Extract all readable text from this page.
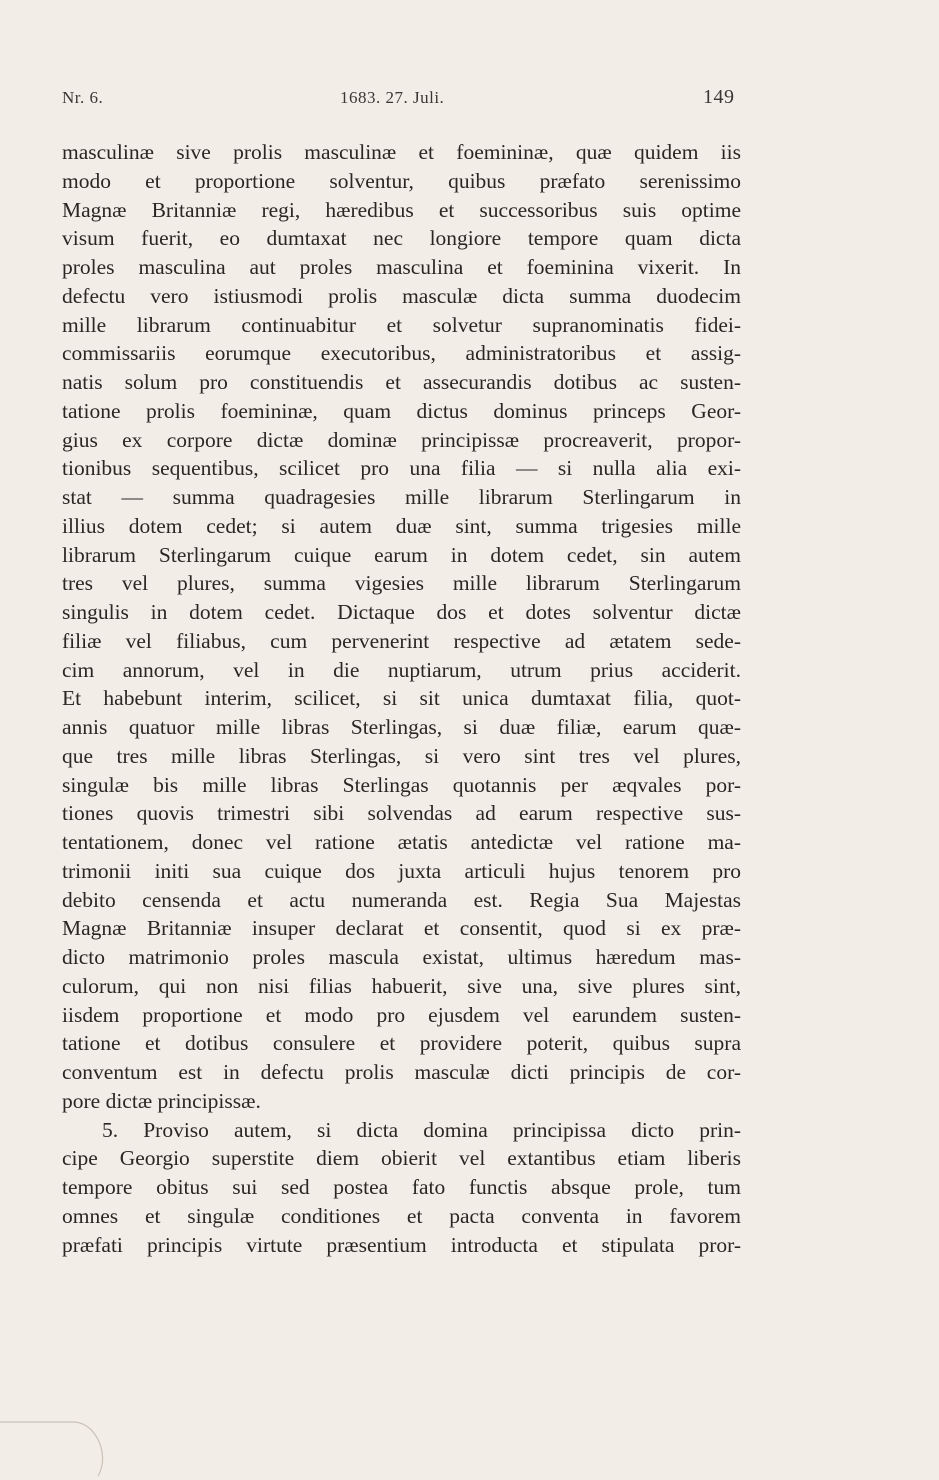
Nr. 6.	1683. 27. Juli.	149
masculinæ sive prolis masculinæ et foemininæ, quæ quidem iis
modo et proportione solventur, quibus præfato serenissimo
Magnæ Britanniæ regi, hæredibus et successoribus suis optime
visum fuerit, eo dumtaxat nec longiore tempore quam dicta
proles masculina aut proles masculina et foeminina vixerit. In
defectu vero istiusmodi prolis masculæ dicta summa duodecim
mille librarum continuabitur et solvetur supranominatis fidei-
commissariis eorumque executoribus, administratoribus et assig-
natis solum pro constituendis et assecurandis dotibus ac susten-
tatione prolis foemininæ, quam dictus dominus princeps Geor-
gius ex corpore dictæ dominæ principissæ procreaverit, propor-
tionibus sequentibus, scilicet pro una filia — si nulla alia exi-
stat — summa quadragesies mille librarum Sterlingarum in
illius dotem cedet; si autem duæ sint, summa trigesies mille
librarum Sterlingarum cuique earum in dotem cedet, sin autem
tres vel plures, summa vigesies mille librarum Sterlingarum
singulis in dotem cedet. Dictaque dos et dotes solventur dictæ
filiæ vel filiabus, cum pervenerint respective ad ætatem sede-
cim annorum, vel in die nuptiarum, utrum prius acciderit.
Et habebunt interim, scilicet, si sit unica dumtaxat filia, quot-
annis quatuor mille libras Sterlingas, si duæ filiæ, earum quæ-
que tres mille libras Sterlingas, si vero sint tres vel plures,
singulæ bis mille libras Sterlingas quotannis per æqvales por-
tiones quovis trimestri sibi solvendas ad earum respective sus-
tentationem, donec vel ratione ætatis antedictæ vel ratione ma-
trimonii initi sua cuique dos juxta articuli hujus tenorem pro
debito censenda et actu numeranda est. Regia Sua Majestas
Magnæ Britanniæ insuper declarat et consentit, quod si ex præ-
dicto matrimonio proles mascula existat, ultimus hæredum mas-
culorum, qui non nisi filias habuerit, sive una, sive plures sint,
iisdem proportione et modo pro ejusdem vel earundem susten-
tatione et dotibus consulere et providere poterit, quibus supra
conventum est in defectu prolis masculæ dicti principis de cor-
pore dictæ principissæ.
5. Proviso autem, si dicta domina principissa dicto prin-
cipe Georgio superstite diem obierit vel extantibus etiam liberis
tempore obitus sui sed postea fato functis absque prole, tum
omnes et singulæ conditiones et pacta conventa in favorem
præfati principis virtute præsentium introducta et stipulata pror-
